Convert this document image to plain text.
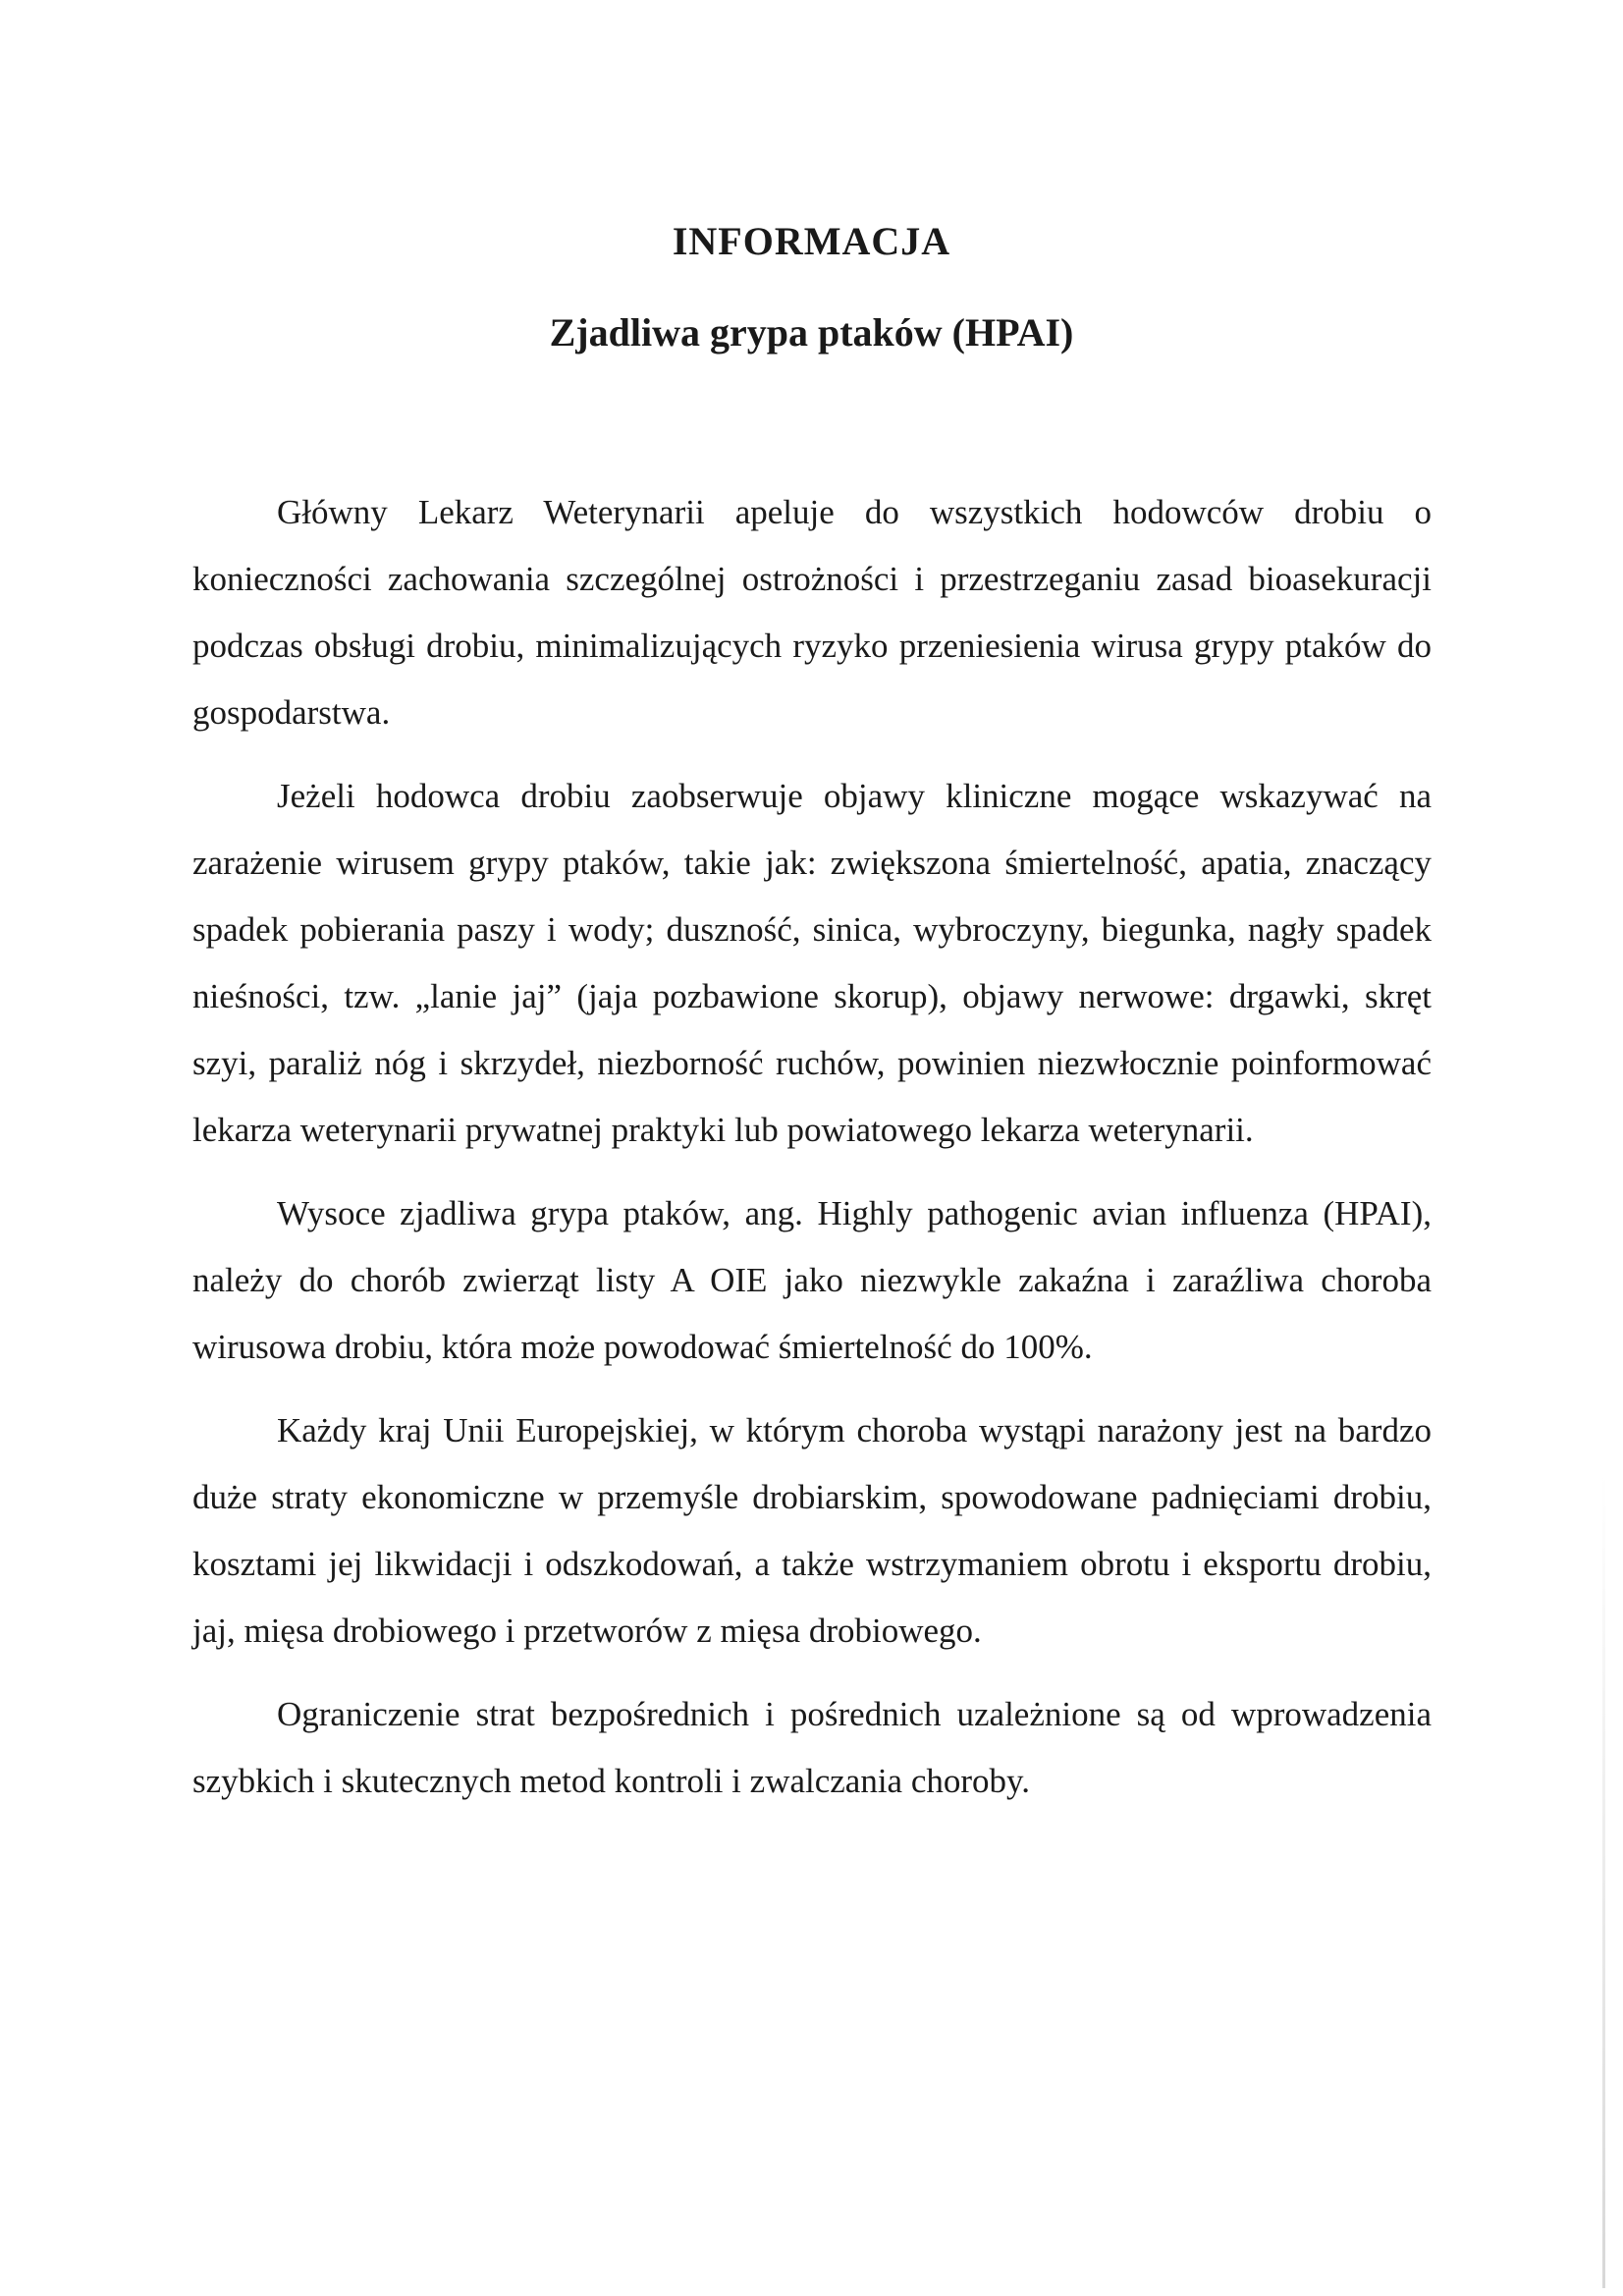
INFORMACJA
Zjadliwa grypa ptaków (HPAI)

Główny Lekarz Weterynarii apeluje do wszystkich hodowców drobiu o konieczności zachowania szczególnej ostrożności i przestrzeganiu zasad bioasekuracji podczas obsługi drobiu, minimalizujących ryzyko przeniesienia wirusa grypy ptaków do gospodarstwa.

Jeżeli hodowca drobiu zaobserwuje objawy kliniczne mogące wskazywać na zarażenie wirusem grypy ptaków, takie jak: zwiększona śmiertelność, apatia, znaczący spadek pobierania paszy i wody; duszność, sinica, wybroczyny, biegunka, nagły spadek nieśności, tzw. „lanie jaj” (jaja pozbawione skorup), objawy nerwowe: drgawki, skręt szyi, paraliż nóg i skrzydeł, niezborność ruchów, powinien niezwłocznie poinformować lekarza weterynarii prywatnej praktyki lub powiatowego lekarza weterynarii.

Wysoce zjadliwa grypa ptaków, ang. Highly pathogenic avian influenza (HPAI), należy do chorób zwierząt listy A OIE jako niezwykle zakaźna i zaraźliwa choroba wirusowa drobiu, która może powodować śmiertelność do 100%.

Każdy kraj Unii Europejskiej, w którym choroba wystąpi narażony jest na bardzo duże straty ekonomiczne w przemyśle drobiarskim, spowodowane padnięciami drobiu, kosztami jej likwidacji i odszkodowań, a także wstrzymaniem obrotu i eksportu drobiu, jaj, mięsa drobiowego i przetworów z mięsa drobiowego.

Ograniczenie strat bezpośrednich i pośrednich uzależnione są od wprowadzenia szybkich i skutecznych metod kontroli i zwalczania choroby.
